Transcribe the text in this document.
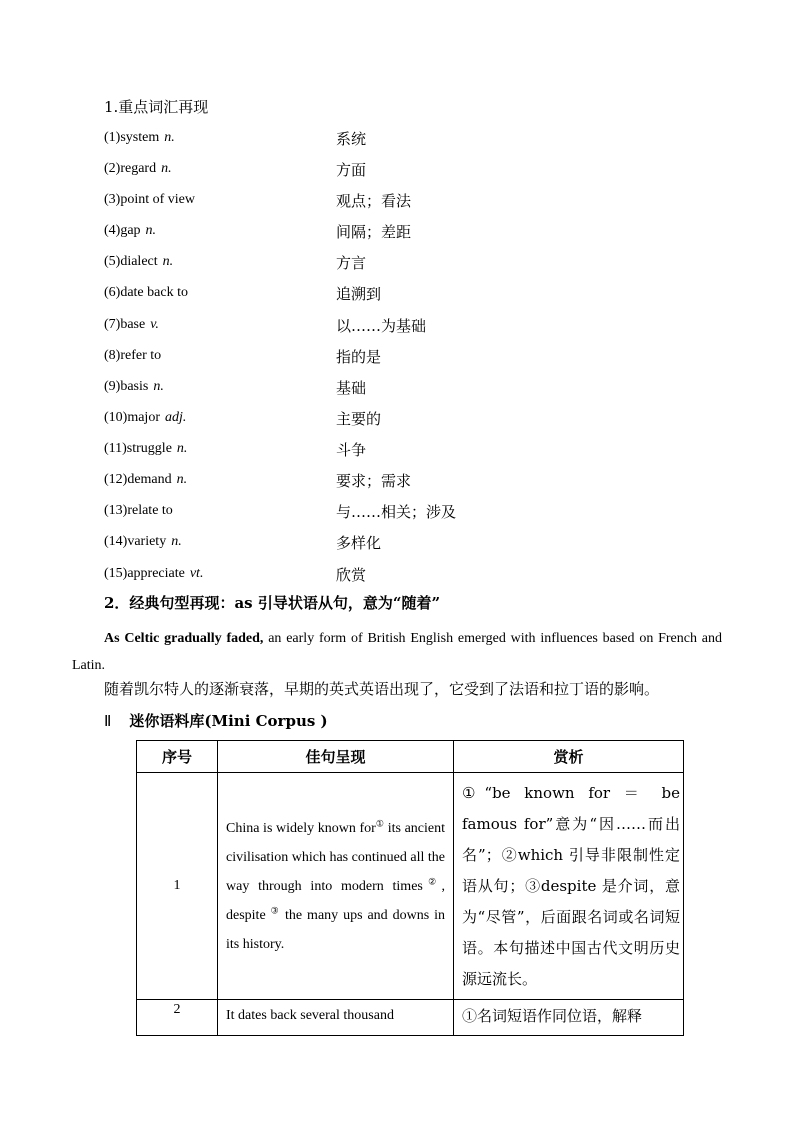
1.重点词汇再现
(1)system n.	系统
(2)regard n.	方面
(3)point of view	观点；看法
(4)gap n.	间隔；差距
(5)dialect n.	方言
(6)date back to	追溯到
(7)base v.	以……为基础
(8)refer to	指的是
(9)basis n.	基础
(10)major adj.	主要的
(11)struggle n.	斗争
(12)demand n.	要求；需求
(13)relate to	与……相关；涉及
(14)variety n.	多样化
(15)appreciate vt.	欣赏
2．经典句型再现：as 引导状语从句，意为“随着”
As Celtic gradually faded, an early form of British English emerged with influences based on French and Latin.
随着凯尔特人的逐渐衰落，早期的英式英语出现了，它受到了法语和拉丁语的影响。
Ⅱ 迷你语料库(Mini Corpus )
序号	佳句呈现	赏析
1	China is widely known for① its ancient civilisation which has continued all the way through into modern times②, despite ③ the many ups and downs in its history.	①“be known for ＝ be famous for”意为“因……而出名”；②which 引导非限制性定语从句；③despite 是介词，意为“尽管”，后面跟名词或名词短语。本句描述中国古代文明历史源远流长。
2	It dates back several thousand	①名词短语作同位语，解释
